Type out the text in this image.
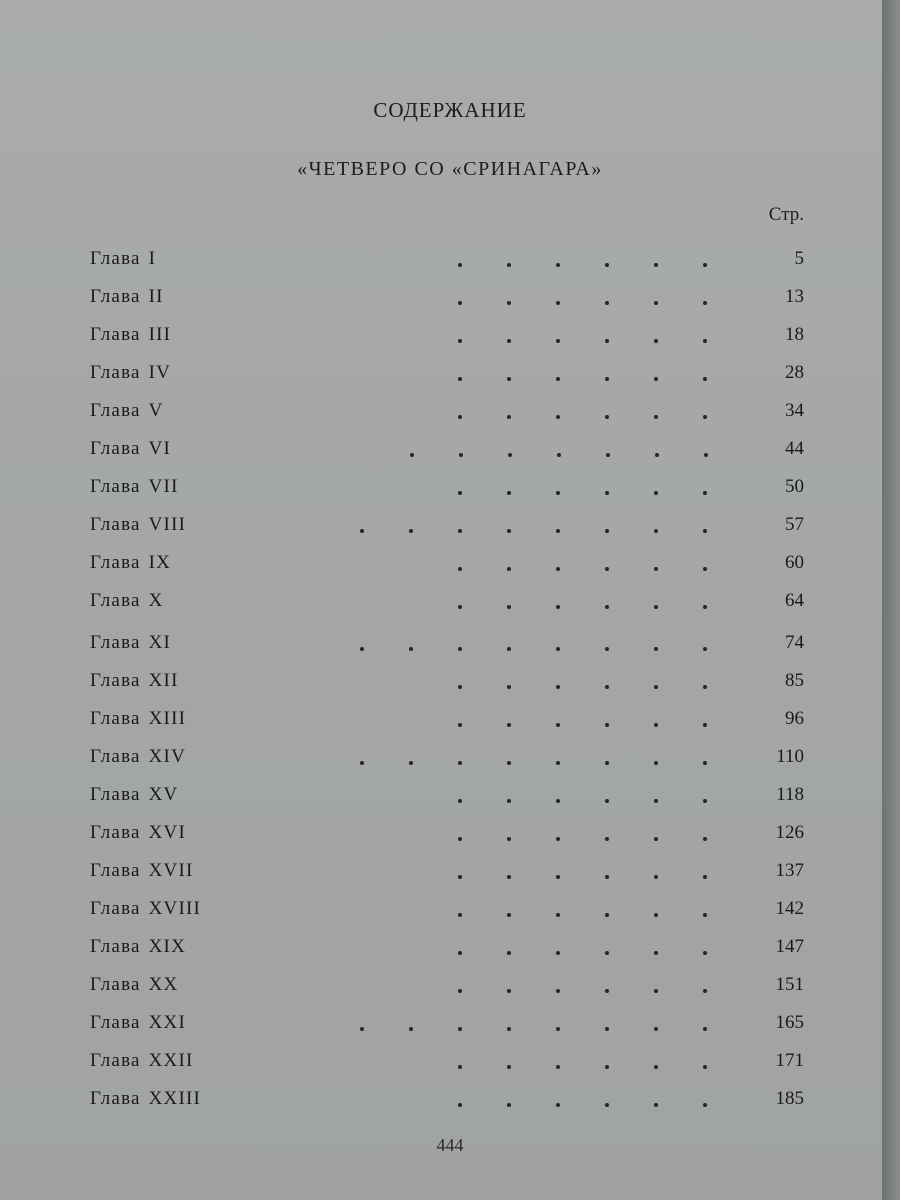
СОДЕРЖАНИЕ
«ЧЕТВЕРО СО «СРИНАГАРА»
Стр.
Глава I	5
Глава II	13
Глава III	18
Глава IV	28
Глава V	34
Глава VI	44
Глава VII	50
Глава VIII	57
Глава IX	60
Глава X	64
Глава XI	74
Глава XII	85
Глава XIII	96
Глава XIV	110
Глава XV	118
Глава XVI	126
Глава XVII	137
Глава XVIII	142
Глава XIX	147
Глава XX	151
Глава XXI	165
Глава XXII	171
Глава XXIII	185
444
